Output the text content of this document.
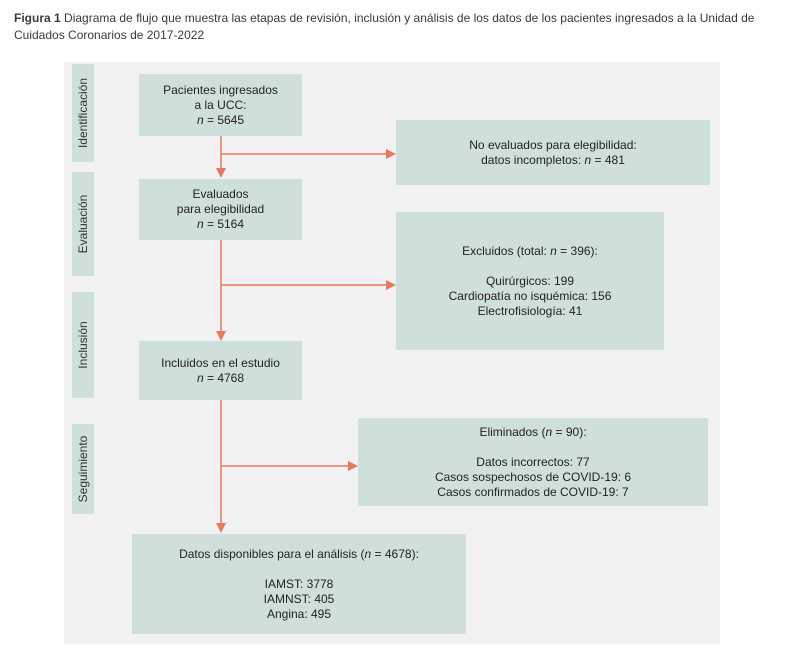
Figura 1 Diagrama de flujo que muestra las etapas de revisión, inclusión y análisis de los datos de los pacientes ingresados a la Unidad de Cuidados Coronarios de 2017-2022
Identificación
Evaluación
Inclusión
Seguimiento
Pacientes ingresados
a la UCC:
n = 5645
No evaluados para elegibilidad:
datos incompletos: n = 481
Evaluados
para elegibilidad
n = 5164
Excluidos (total: n = 396):
Quirúrgicos: 199
Cardiopatía no isquémica: 156
Electrofisiología: 41
Incluidos en el estudio
n = 4768
Eliminados (n = 90):
Datos incorrectos: 77
Casos sospechosos de COVID-19: 6
Casos confirmados de COVID-19: 7
Datos disponibles para el análisis (n = 4678):
IAMST: 3778
IAMNST: 405
Angina: 495
